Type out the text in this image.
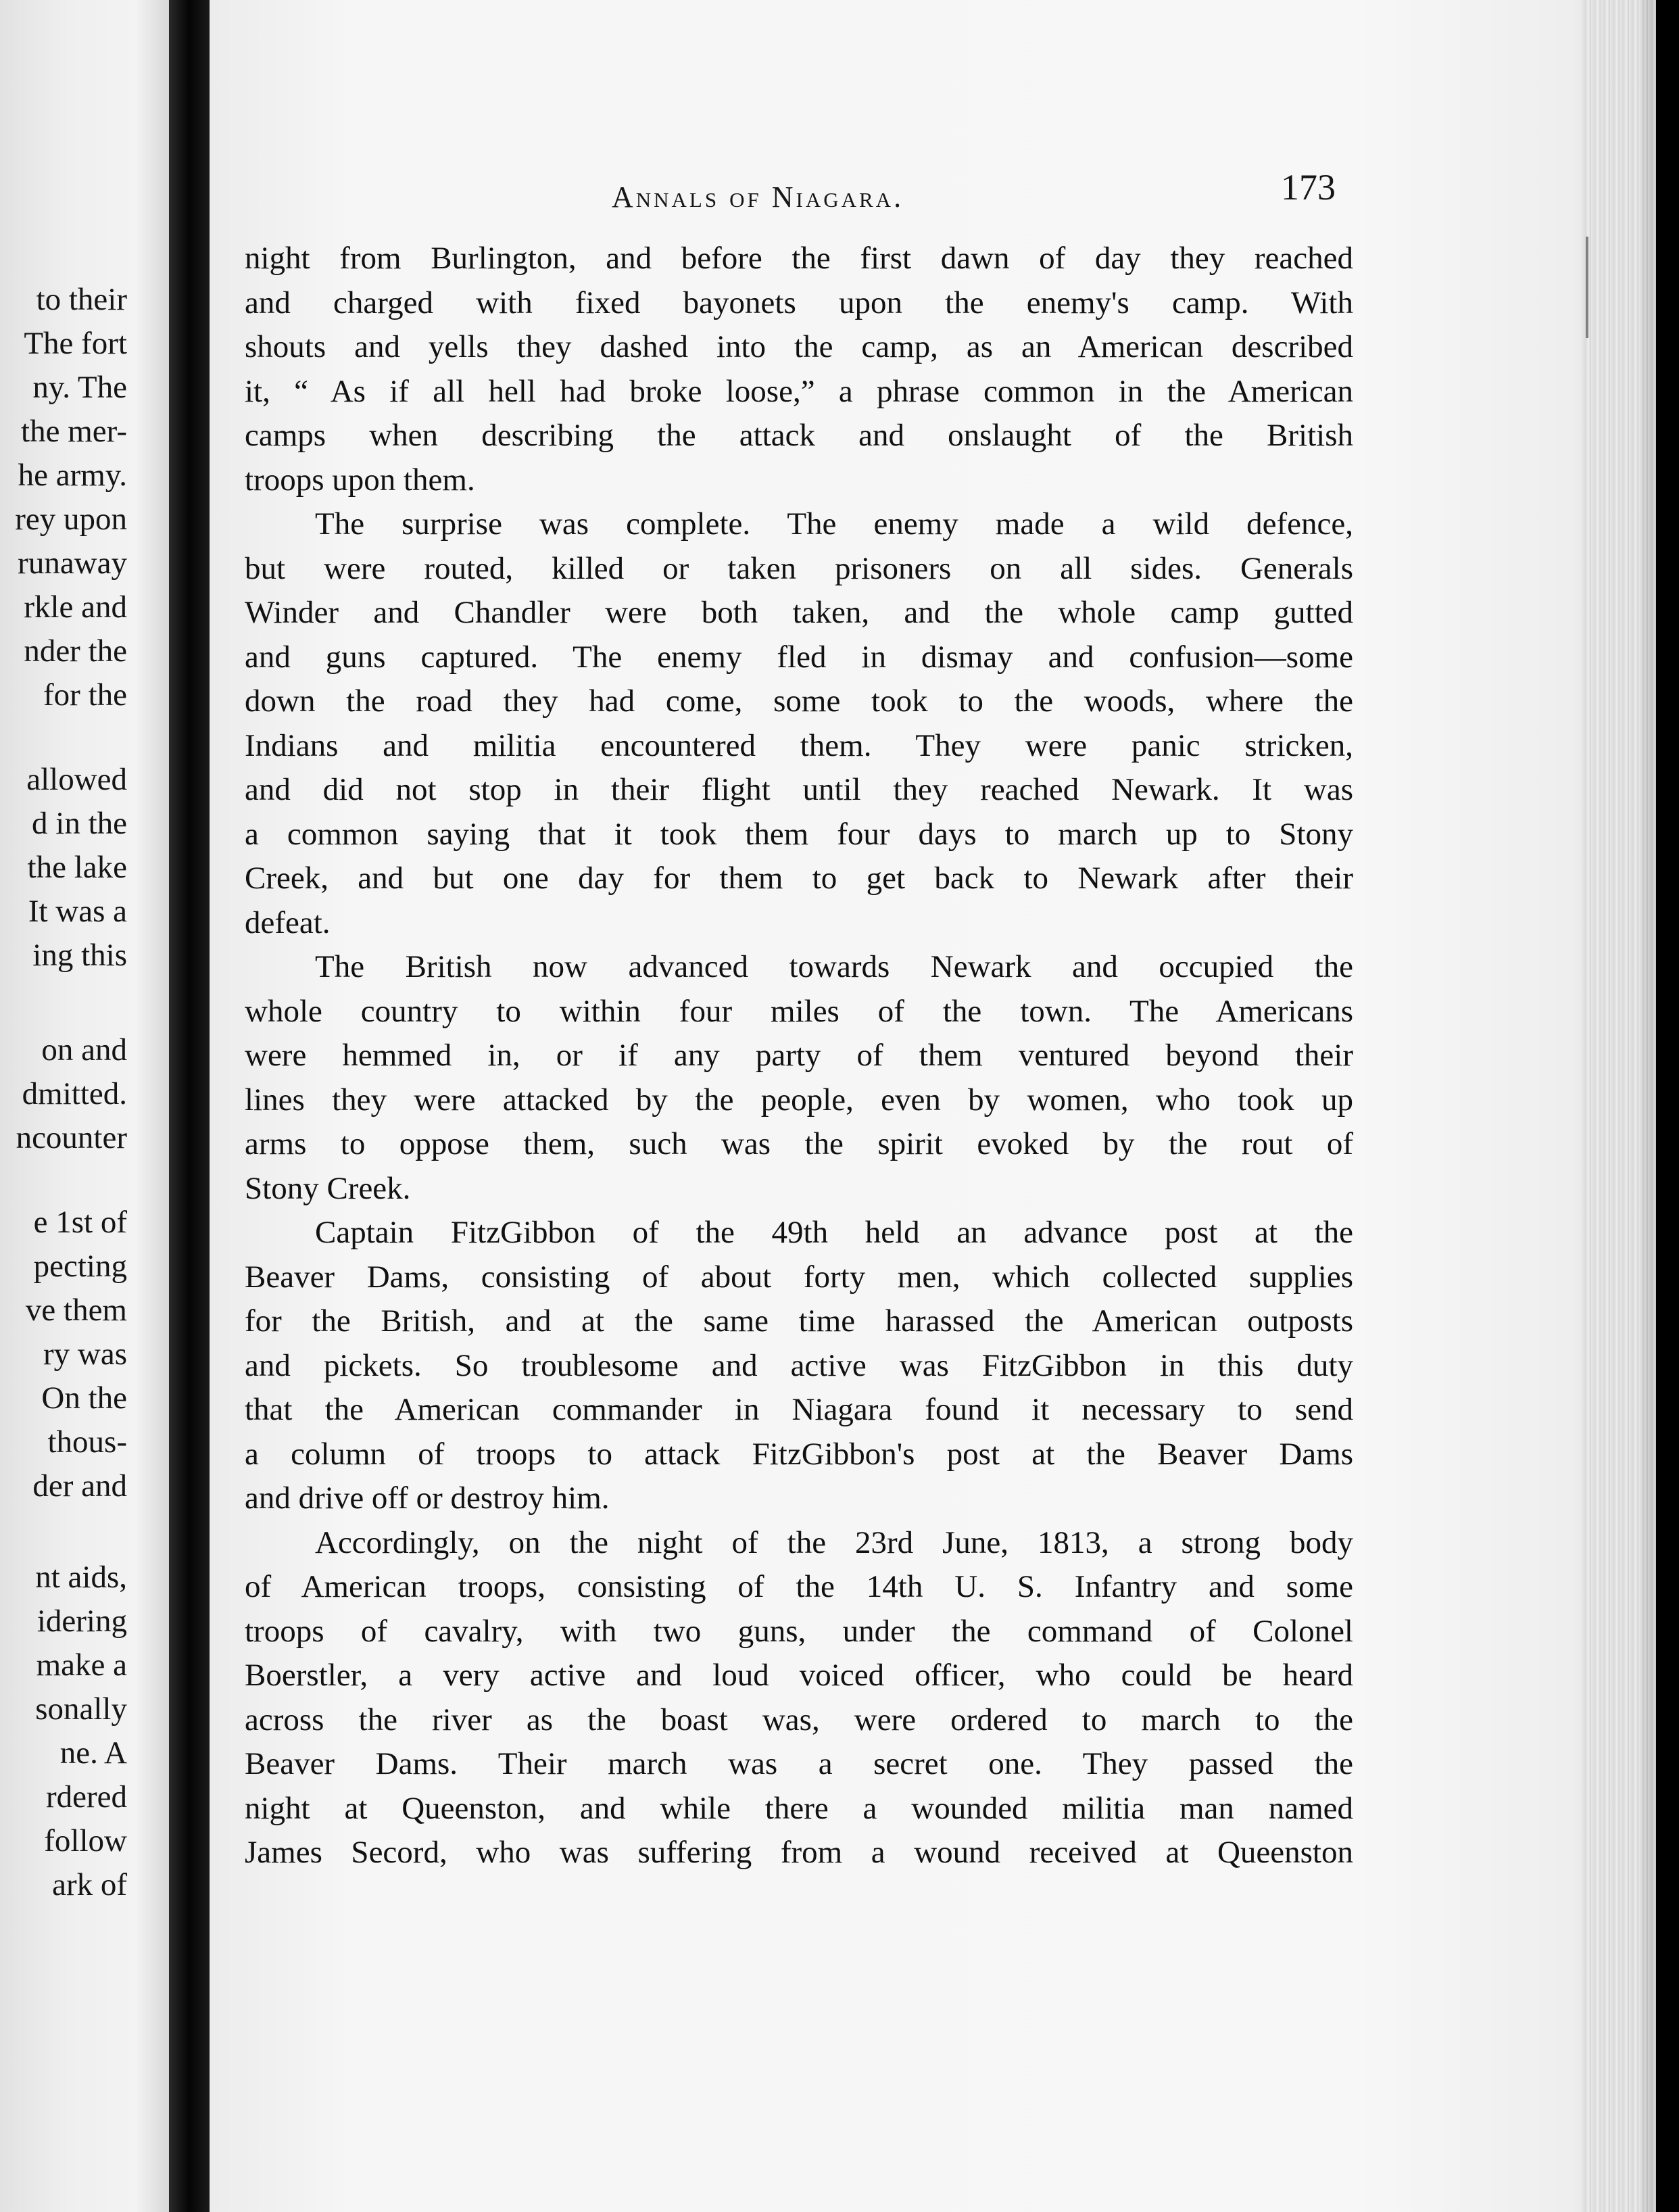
to their
The fort
ny. The
the mer-
he army.
rey upon
runaway
rkle and
nder the
for the
allowed
d in the
the lake
It was a
ing this
on and
dmitted.
ncounter
e 1st of
pecting
ve them
ry was
On the
thous-
der and
nt aids,
idering
make a
sonally
ne. A
rdered
follow
ark of
Annals of Niagara.	173
night from Burlington, and before the first dawn of day they reached
and charged with fixed bayonets upon the enemy's camp. With
shouts and yells they dashed into the camp, as an American described
it, “ As if all hell had broke loose,” a phrase common in the American
camps when describing the attack and onslaught of the British
troops upon them.
The surprise was complete. The enemy made a wild defence,
but were routed, killed or taken prisoners on all sides. Generals
Winder and Chandler were both taken, and the whole camp gutted
and guns captured. The enemy fled in dismay and confusion—some
down the road they had come, some took to the woods, where the
Indians and militia encountered them. They were panic stricken,
and did not stop in their flight until they reached Newark. It was
a common saying that it took them four days to march up to Stony
Creek, and but one day for them to get back to Newark after their
defeat.
The British now advanced towards Newark and occupied the
whole country to within four miles of the town. The Americans
were hemmed in, or if any party of them ventured beyond their
lines they were attacked by the people, even by women, who took up
arms to oppose them, such was the spirit evoked by the rout of
Stony Creek.
Captain FitzGibbon of the 49th held an advance post at the
Beaver Dams, consisting of about forty men, which collected supplies
for the British, and at the same time harassed the American outposts
and pickets. So troublesome and active was FitzGibbon in this duty
that the American commander in Niagara found it necessary to send
a column of troops to attack FitzGibbon's post at the Beaver Dams
and drive off or destroy him.
Accordingly, on the night of the 23rd June, 1813, a strong body
of American troops, consisting of the 14th U. S. Infantry and some
troops of cavalry, with two guns, under the command of Colonel
Boerstler, a very active and loud voiced officer, who could be heard
across the river as the boast was, were ordered to march to the
Beaver Dams. Their march was a secret one. They passed the
night at Queenston, and while there a wounded militia man named
James Secord, who was suffering from a wound received at Queenston
